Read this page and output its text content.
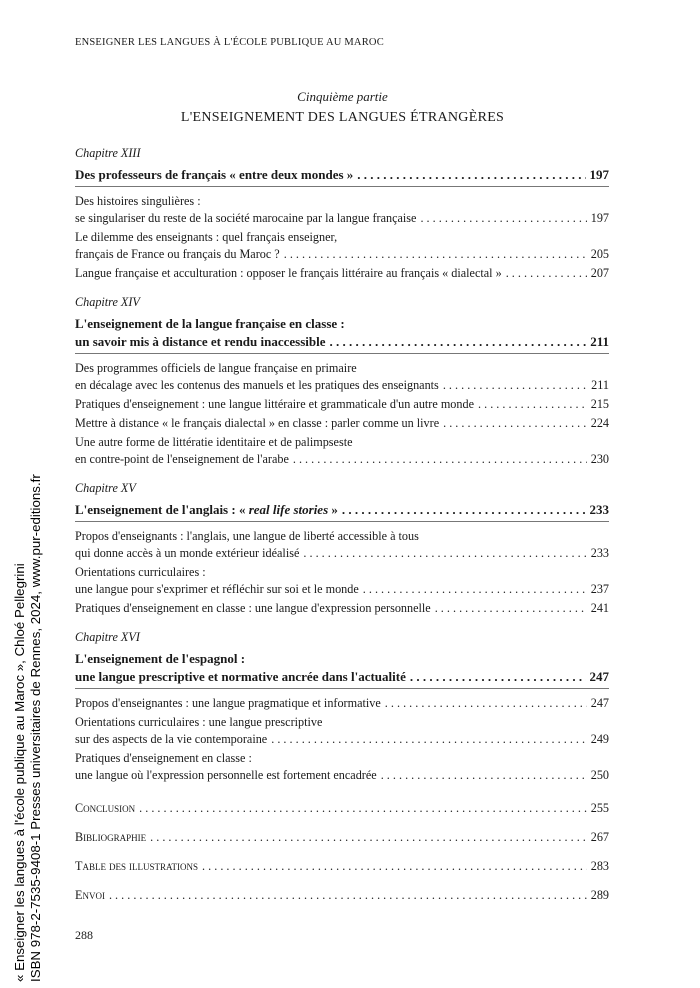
ENSEIGNER LES LANGUES À L'ÉCOLE PUBLIQUE AU MAROC
Cinquième partie
L'ENSEIGNEMENT DES LANGUES ÉTRANGÈRES
Chapitre XIII
Des professeurs de français « entre deux mondes » . . .	197
Des histoires singulières :
se singulariser du reste de la société marocaine par la langue française . . .	197
Le dilemme des enseignants : quel français enseigner,
français de France ou français du Maroc ? . . .	205
Langue française et acculturation : opposer le français littéraire au français « dialectal » . . .	207
Chapitre XIV
L'enseignement de la langue française en classe :
un savoir mis à distance et rendu inaccessible . . .	211
Des programmes officiels de langue française en primaire
en décalage avec les contenus des manuels et les pratiques des enseignants . . .	211
Pratiques d'enseignement : une langue littéraire et grammaticale d'un autre monde . . .	215
Mettre à distance « le français dialectal » en classe : parler comme un livre . . .	224
Une autre forme de littératie identitaire et de palimpseste
en contre-point de l'enseignement de l'arabe . . .	230
Chapitre XV
L'enseignement de l'anglais : « real life stories » . . .	233
Propos d'enseignants : l'anglais, une langue de liberté accessible à tous
qui donne accès à un monde extérieur idéalisé . . .	233
Orientations curriculaires :
une langue pour s'exprimer et réfléchir sur soi et le monde . . .	237
Pratiques d'enseignement en classe : une langue d'expression personnelle . . .	241
Chapitre XVI
L'enseignement de l'espagnol :
une langue prescriptive et normative ancrée dans l'actualité . . .	247
Propos d'enseignantes : une langue pragmatique et informative . . .	247
Orientations curriculaires : une langue prescriptive
sur des aspects de la vie contemporaine . . .	249
Pratiques d'enseignement en classe :
une langue où l'expression personnelle est fortement encadrée . . .	250
Conclusion . . .	255
Bibliographie . . .	267
Table des illustrations . . .	283
Envoi . . .	289
288
« Enseigner les langues à l'école publique au Maroc », Chloé Pellegrini ISBN 978-2-7535-9408-1 Presses universitaires de Rennes, 2024, www.pur-editions.fr
